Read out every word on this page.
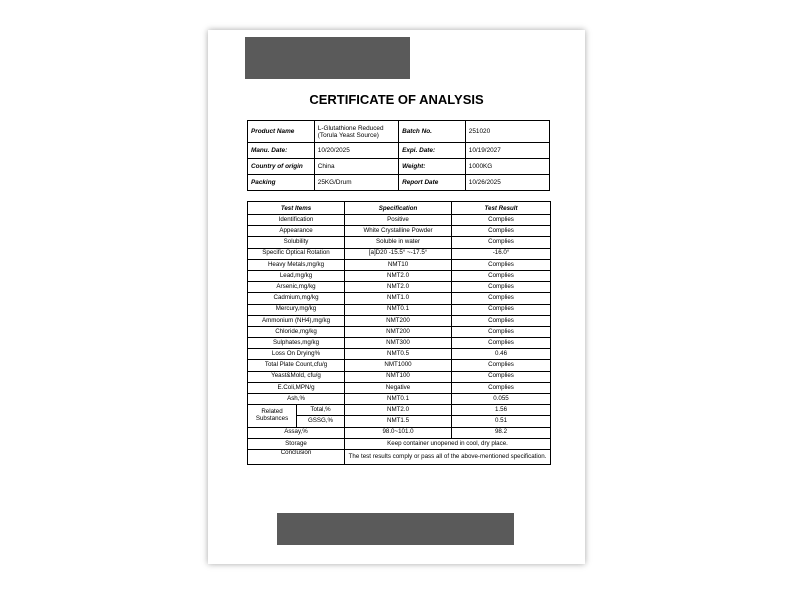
CERTIFICATE OF ANALYSIS
Product Name	L-Glutathione Reduced (Torula Yeast Source)	Batch No.	251020
Manu. Date:	10/20/2025	Expi. Date:	10/19/2027
Country of origin	China	Weight:	1000KG
Packing	25KG/Drum	Report Date	10/26/2025
Test Items		Specification	Test Result
Identification		Positive	Complies
Appearance		White Crystalline Powder	Complies
Solubility		Soluble in water	Complies
Specific Optical Rotation		[a]D20 -15.5° ~-17.5°	-16.0°
Heavy Metals,mg/kg		NMT10	Complies
Lead,mg/kg		NMT2.0	Complies
Arsenic,mg/kg		NMT2.0	Complies
Cadmium,mg/kg		NMT1.0	Complies
Mercury,mg/kg		NMT0.1	Complies
Ammonium (NH4),mg/kg		NMT200	Complies
Chloride,mg/kg		NMT200	Complies
Sulphates,mg/kg		NMT300	Complies
Loss On Drying%		NMT0.5	0.46
Total Plate Count,cfu/g		NMT1000	Complies
Yeast&Mold, cfu/g		NMT100	Complies
E.Coli,MPN/g		Negative	Complies
Ash,%		NMT0.1	0.055
Related Substances	Total,%	NMT2.0	1.56
	GSSG,%	NMT1.5	0.51
Assay,%		98.0~101.0	98.2
Storage		Keep container unopened in cool, dry place.	
Conclusion		The test results comply or pass all of the above-mentioned specification.	
